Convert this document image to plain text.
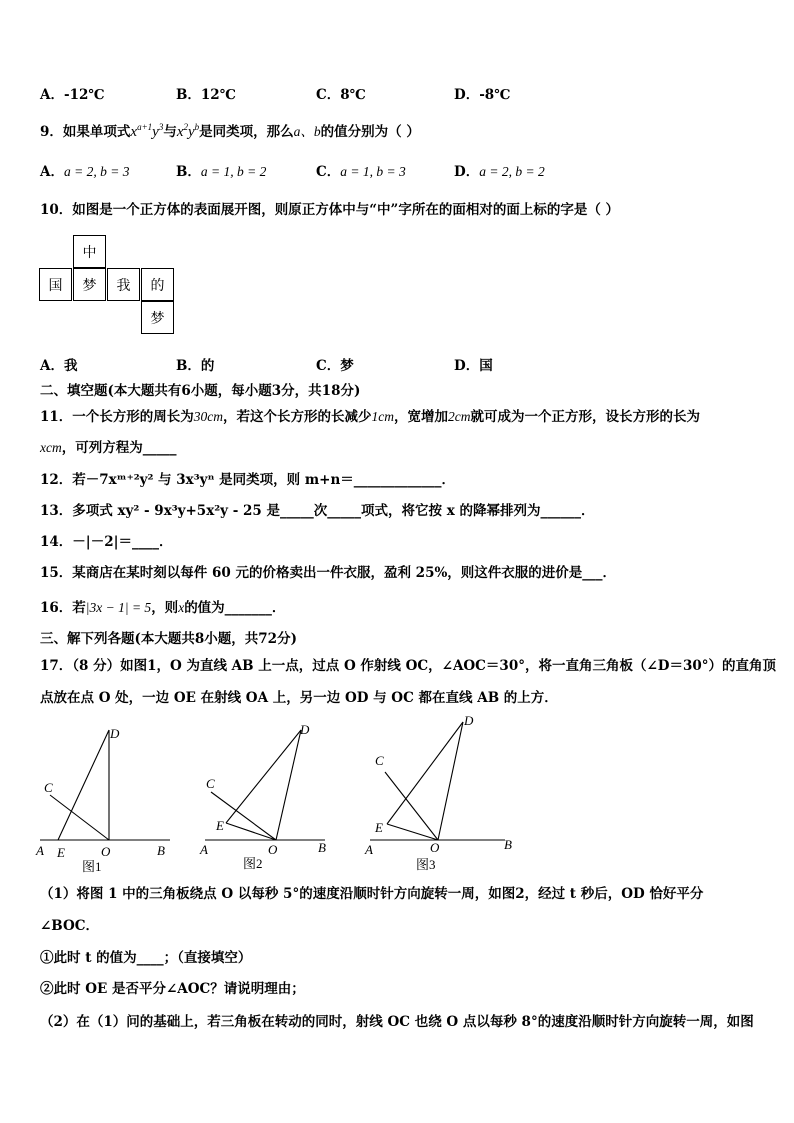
A．-12℃	B．12℃	C．8℃	D．-8℃
9．如果单项式$x^{a+1}y^3$与$x^2y^b$是同类项，那么a、b的值分别为（ ）
A．a = 2, b = 3	B．a = 1, b = 2	C．a = 1, b = 3	D．a = 2, b = 2
10．如图是一个正方体的表面展开图，则原正方体中与“中”字所在的面相对的面上标的字是（ ）
中
国	梦	我	的
梦
A．我	B．的	C．梦	D．国
二、填空题(本大题共有6小题，每小题3分，共18分)
11．一个长方形的周长为30cm，若这个长方形的长减少1cm，宽增加2cm就可成为一个正方形，设长方形的长为
xcm，可列方程为_____
12．若－7xᵐ⁺²y² 与 3x³yⁿ 是同类项，则 m+n＝_____________．
13．多项式 xy² - 9x³y+5x²y - 25 是_____次_____项式，将它按 x 的降幂排列为______．
14．－|－2|＝____．
15．某商店在某时刻以每件 60 元的价格卖出一件衣服，盈利 25%，则这件衣服的进价是___．
16．若|3x − 1| = 5，则x的值为_______．
三、解下列各题(本大题共8小题，共72分)
17．（8 分）如图1，O 为直线 AB 上一点，过点 O 作射线 OC，∠AOC＝30°，将一直角三角板（∠D＝30°）的直角顶
点放在点 O 处，一边 OE 在射线 OA 上，另一边 OD 与 OC 都在直线 AB 的上方．
A E	O	B
D
C
A
E
O	B
D
C
A
E
O	B
D
C
图1	图2	图3
（1）将图 1 中的三角板绕点 O 以每秒 5°的速度沿顺时针方向旋转一周，如图2，经过 t 秒后，OD 恰好平分
∠BOC．
①此时 t 的值为____；（直接填空）
②此时 OE 是否平分∠AOC？请说明理由；
（2）在（1）问的基础上，若三角板在转动的同时，射线 OC 也绕 O 点以每秒 8°的速度沿顺时针方向旋转一周，如图
